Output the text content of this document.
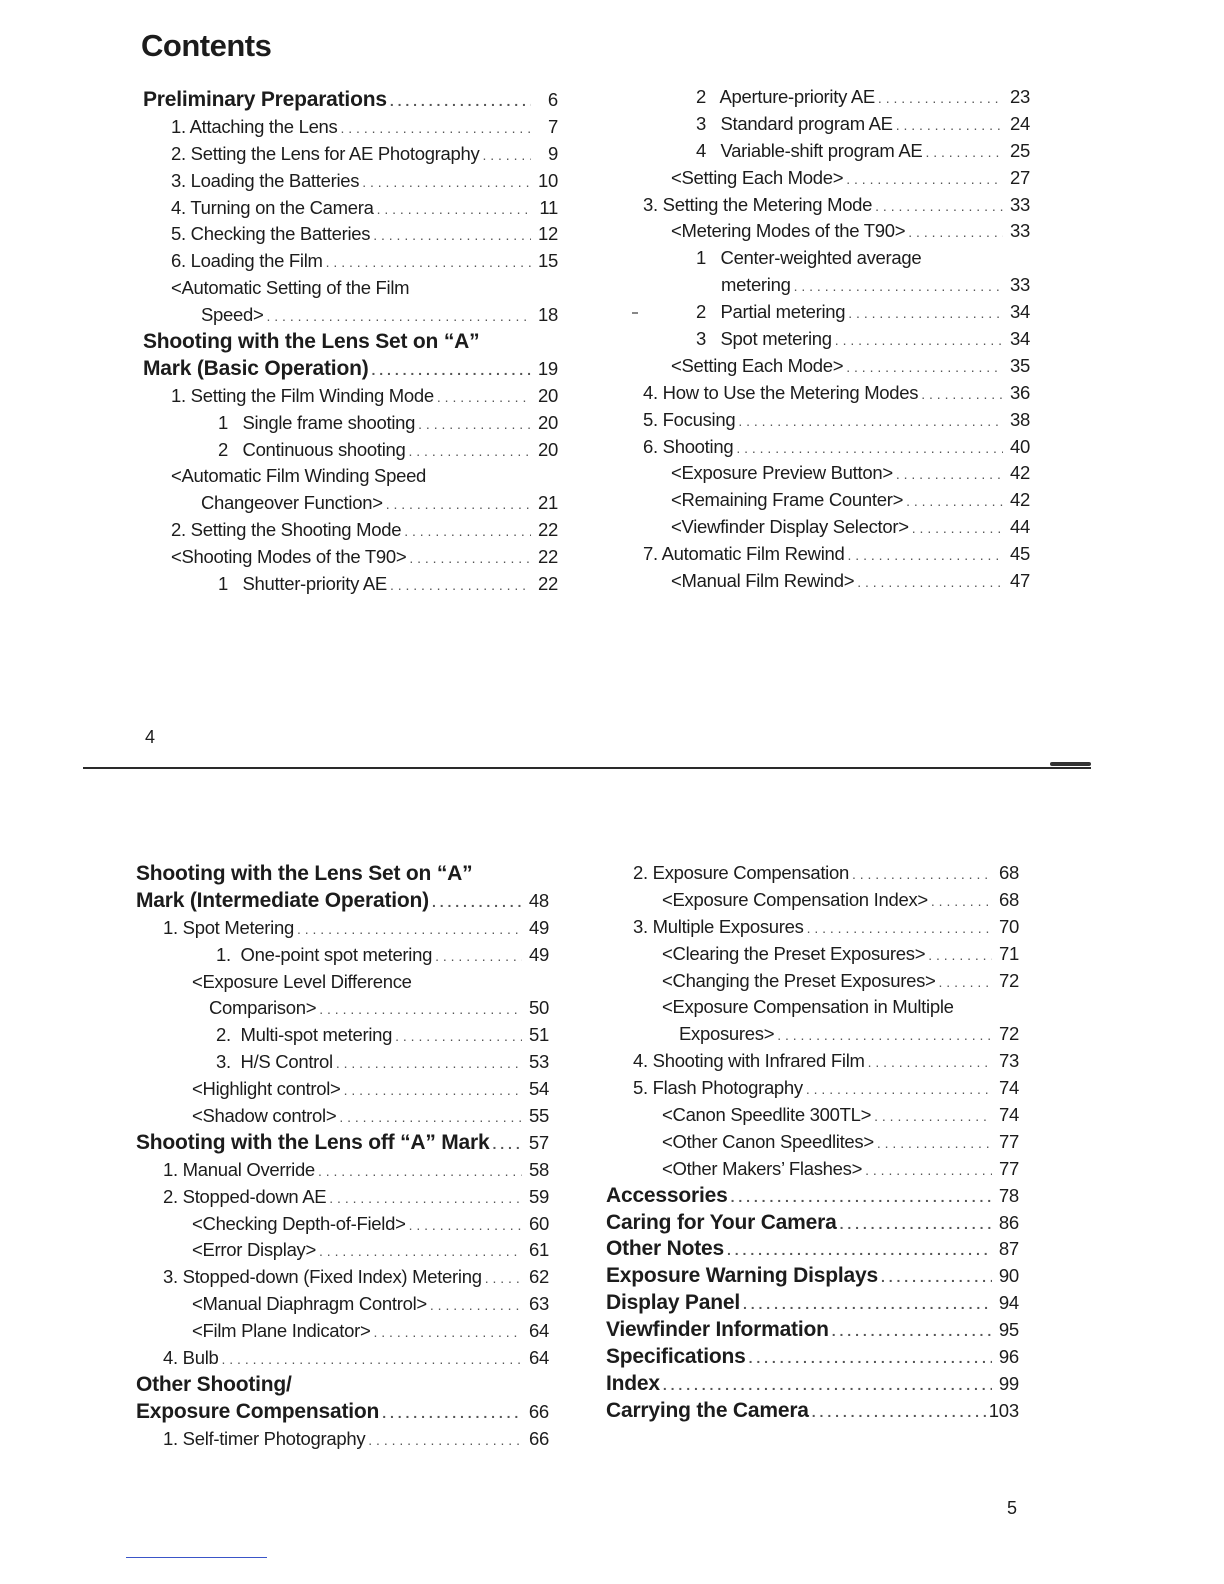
Contents
Preliminary Preparations . . .	6
1. Attaching the Lens . . .	7
2. Setting the Lens for AE Photography . . .	9
3. Loading the Batteries . . .	10
4. Turning on the Camera . . .	11
5. Checking the Batteries . . .	12
6. Loading the Film . . .	15
<Automatic Setting of the Film
Speed> . . .	18
Shooting with the Lens Set on “A”
Mark (Basic Operation) . . .	19
1. Setting the Film Winding Mode . . .	20
1   Single frame shooting . . .	20
2   Continuous shooting . . .	20
<Automatic Film Winding Speed
Changeover Function> . . .	21
2. Setting the Shooting Mode . . .	22
<Shooting Modes of the T90> . . .	22
1   Shutter-priority AE . . .	22
2   Aperture-priority AE . . .	23
3   Standard program AE . . .	24
4   Variable-shift program AE . . .	25
<Setting Each Mode> . . .	27
3. Setting the Metering Mode . . .	33
<Metering Modes of the T90> . . .	33
1   Center-weighted average
metering . . .	33
2   Partial metering . . .	34
3   Spot metering . . .	34
<Setting Each Mode> . . .	35
4. How to Use the Metering Modes . . .	36
5. Focusing . . .	38
6. Shooting . . .	40
<Exposure Preview Button> . . .	42
<Remaining Frame Counter> . . .	42
<Viewfinder Display Selector> . . .	44
7. Automatic Film Rewind . . .	45
<Manual Film Rewind> . . .	47
4
Shooting with the Lens Set on “A”
Mark (Intermediate Operation) . . .	48
1. Spot Metering . . .	49
1.  One-point spot metering . . .	49
<Exposure Level Difference
Comparison> . . .	50
2.  Multi-spot metering . . .	51
3.  H/S Control . . .	53
<Highlight control> . . .	54
<Shadow control> . . .	55
Shooting with the Lens off “A” Mark . . . 57
1. Manual Override . . .	58
2. Stopped-down AE . . .	59
<Checking Depth-of-Field> . . .	60
<Error Display> . . .	61
3. Stopped-down (Fixed Index) Metering . . .	62
<Manual Diaphragm Control> . . .	63
<Film Plane Indicator> . . .	64
4. Bulb . . .	64
Other Shooting/
Exposure Compensation . . .	66
1. Self-timer Photography . . .	66
2. Exposure Compensation . . .	68
<Exposure Compensation Index> . . .	68
3. Multiple Exposures . . .	70
<Clearing the Preset Exposures> . . .	71
<Changing the Preset Exposures> . . .	72
<Exposure Compensation in Multiple
Exposures> . . .	72
4. Shooting with Infrared Film . . .	73
5. Flash Photography . . .	74
<Canon Speedlite 300TL> . . .	74
<Other Canon Speedlites> . . .	77
<Other Makers’ Flashes> . . .	77
Accessories . . .	78
Caring for Your Camera . . .	86
Other Notes . . .	87
Exposure Warning Displays . . .	90
Display Panel . . .	94
Viewfinder Information . . .	95
Specifications . . .	96
Index . . .	99
Carrying the Camera . . .	103
5
